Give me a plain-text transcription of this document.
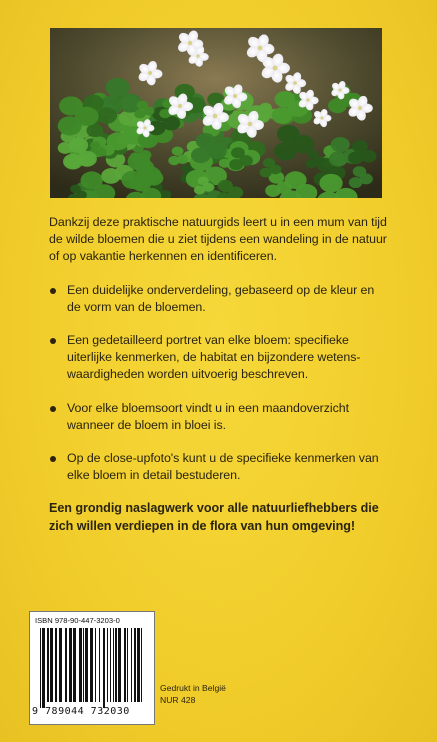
Dankzij deze praktische natuurgids leert u in een mum van tijd de wilde bloemen die u ziet tijdens een wandeling in de natuur of op vakantie herkennen en identificeren.

Een duidelijke onderverdeling, gebaseerd op de kleur en de vorm van de bloemen.
Een gedetailleerd portret van elke bloem: specifieke uiterlijke kenmerken, de habitat en bijzondere wetens-waardigheden worden uitvoerig beschreven.
Voor elke bloemsoort vindt u in een maandoverzicht wanneer de bloem in bloei is.
Op de close-upfoto's kunt u de specifieke kenmerken van elke bloem in detail bestuderen.

Een grondig naslagwerk voor alle natuurliefhebbers die zich willen verdiepen in de flora van hun omgeving!

ISBN 978-90-447-3203-0
9 789044 732030
Gedrukt in België
NUR 428
